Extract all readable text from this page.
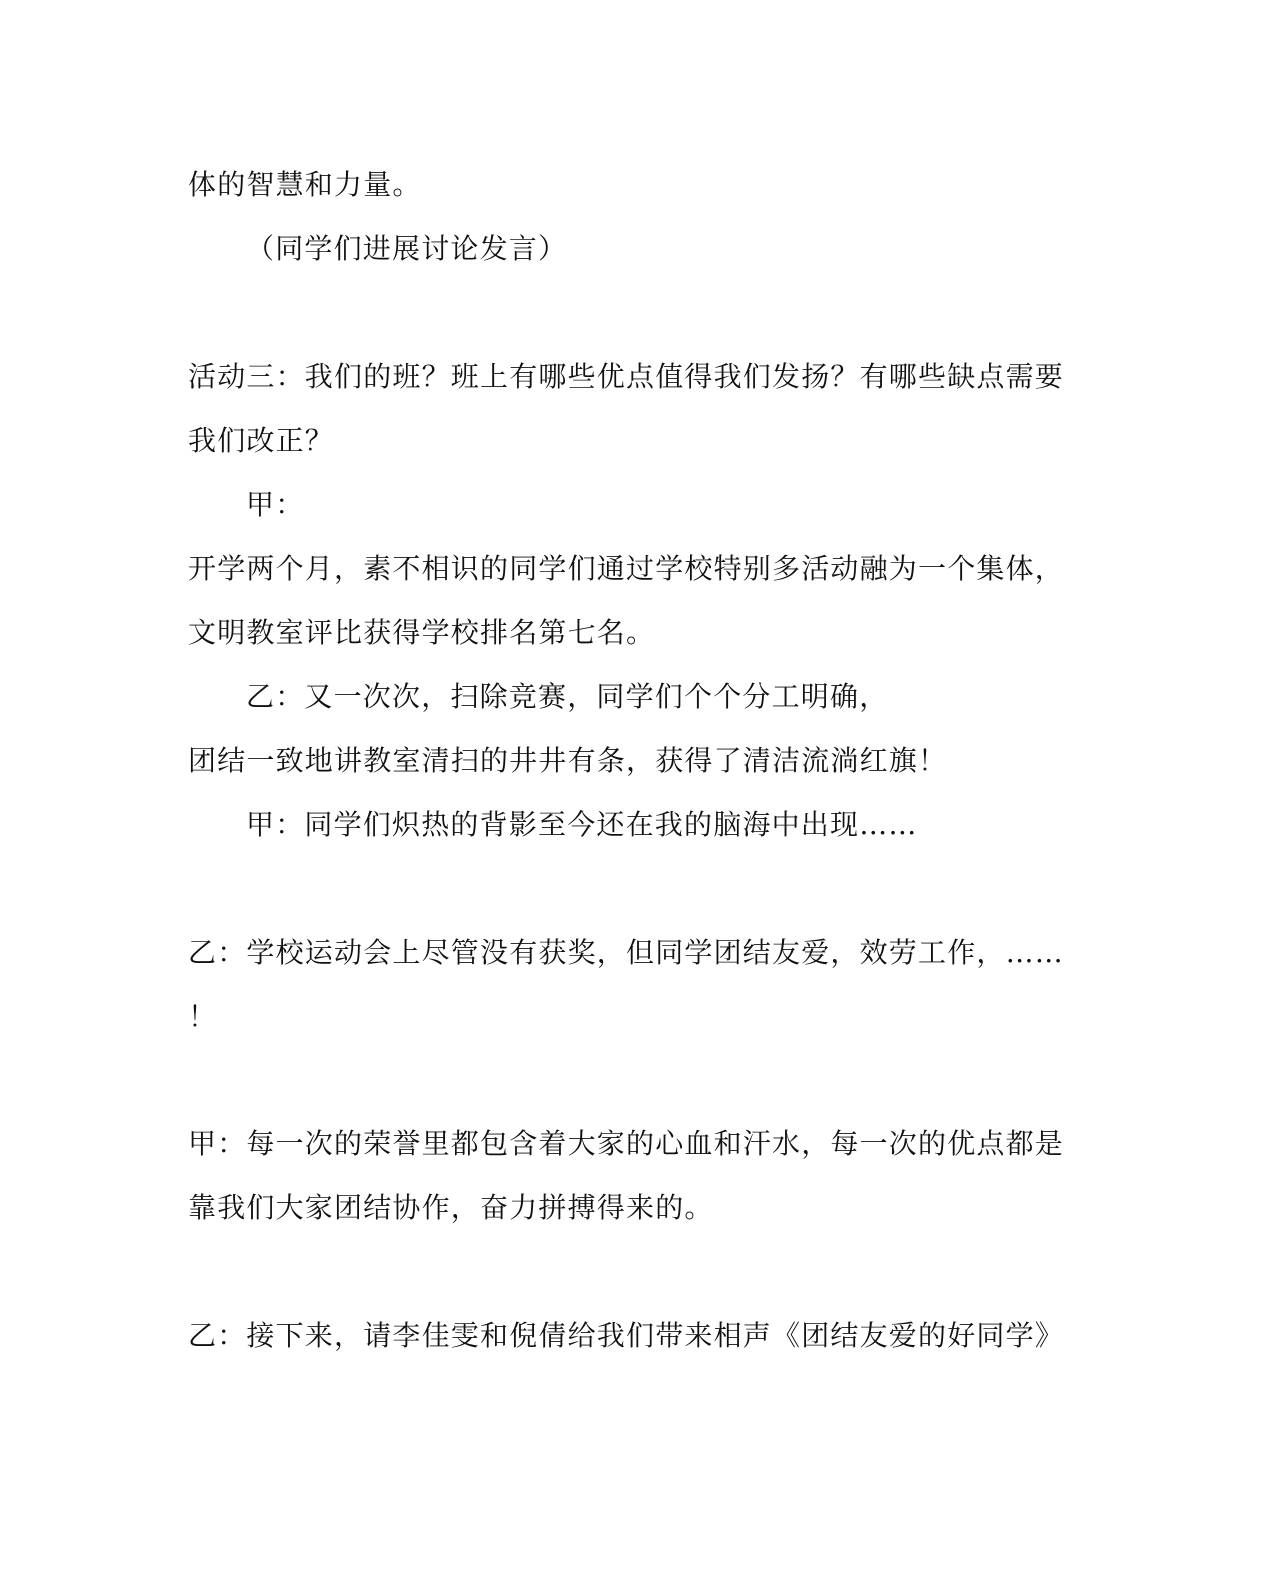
体的智慧和力量。
（同学们进展讨论发言）
活动三：我们的班？班上有哪些优点值得我们发扬？有哪些缺点需要
我们改正？
甲：
开学两个月，素不相识的同学们通过学校特别多活动融为一个集体，
文明教室评比获得学校排名第七名。
乙：又一次次，扫除竞赛，同学们个个分工明确，
团结一致地讲教室清扫的井井有条，获得了清洁流淌红旗！
甲：同学们炽热的背影至今还在我的脑海中出现……
乙：学校运动会上尽管没有获奖，但同学团结友爱，效劳工作，……
！
甲：每一次的荣誉里都包含着大家的心血和汗水，每一次的优点都是
靠我们大家团结协作，奋力拼搏得来的。
乙：接下来，请李佳雯和倪倩给我们带来相声《团结友爱的好同学》
